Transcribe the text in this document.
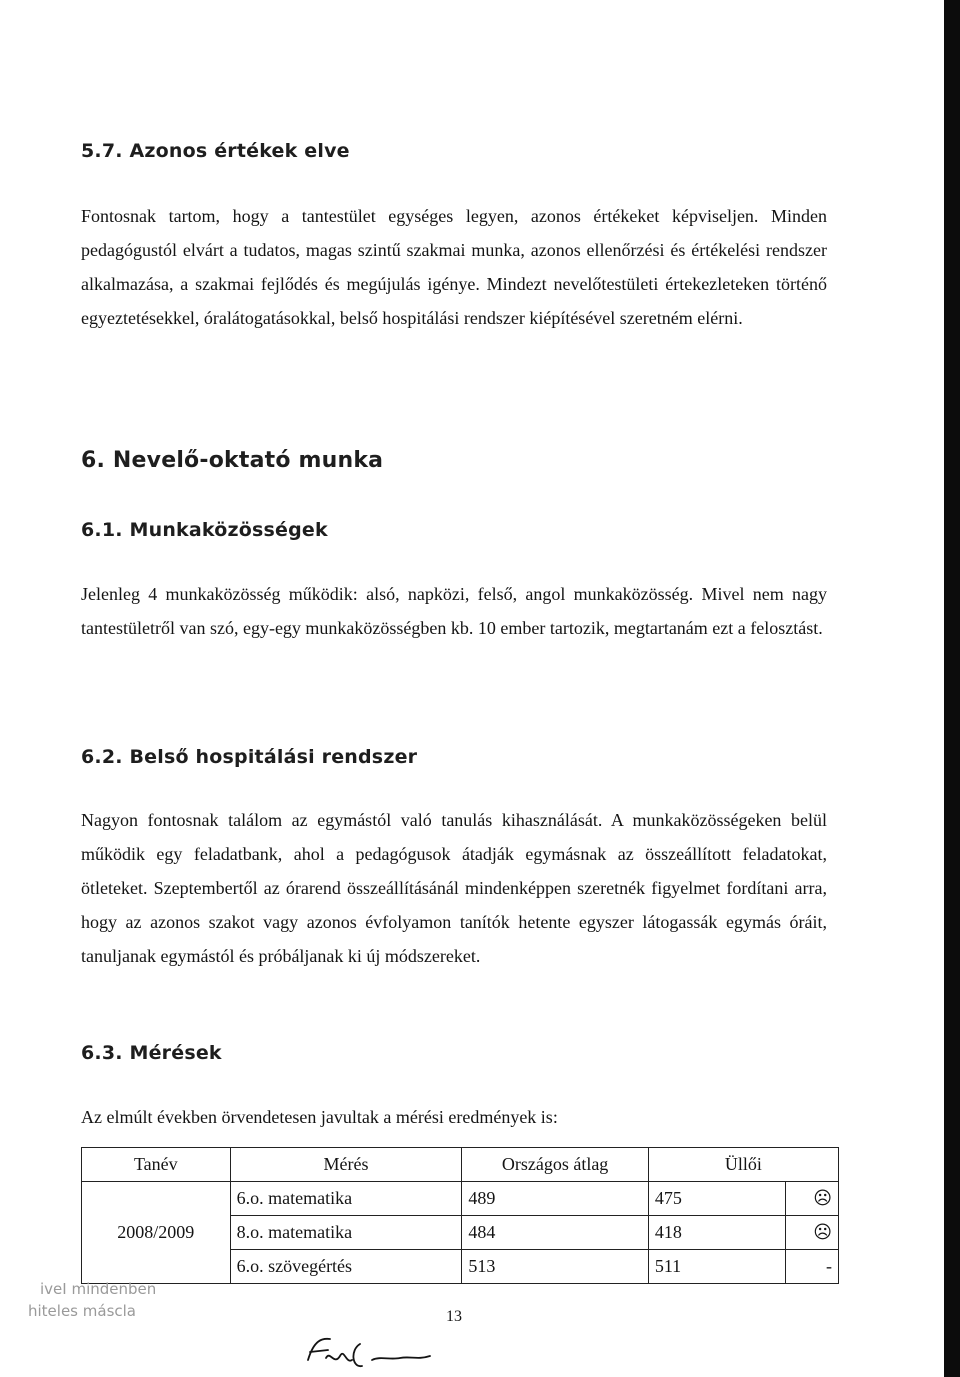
5.7. Azonos értékek elve

Fontosnak tartom, hogy a tantestület egységes legyen, azonos értékeket képviseljen. Minden pedagógustól elvárt a tudatos, magas szintű szakmai munka, azonos ellenőrzési és értékelési rendszer alkalmazása, a szakmai fejlődés és megújulás igénye. Mindezt nevelőtestületi értekezleteken történő egyeztetésekkel, óralátogatásokkal, belső hospitálási rendszer kiépítésével szeretném elérni.

6. Nevelő-oktató munka
6.1. Munkaközösségek

Jelenleg 4 munkaközösség működik: alsó, napközi, felső, angol munkaközösség. Mivel nem nagy tantestületről van szó, egy-egy munkaközösségben kb. 10 ember tartozik, megtartanám ezt a felosztást.

6.2. Belső hospitálási rendszer

Nagyon fontosnak találom az egymástól való tanulás kihasználását. A munkaközösségeken belül működik egy feladatbank, ahol a pedagógusok átadják egymásnak az összeállított feladatokat, ötleteket. Szeptembertől az órarend összeállításánál mindenképpen szeretnék figyelmet fordítani arra, hogy az azonos szakot vagy azonos évfolyamon tanítók hetente egyszer látogassák egymás óráit, tanuljanak egymástól és próbáljanak ki új módszereket.

6.3. Mérések

Az elmúlt években örvendetesen javultak a mérési eredmények is:

Tanév	Mérés	Országos átlag	Üllői	
2008/2009	6.o. matematika	489	475	☹
	8.o. matematika	484	418	☹
	6.o. szövegértés	513	511	-
iveI mindenben
hiteles máscla	13
